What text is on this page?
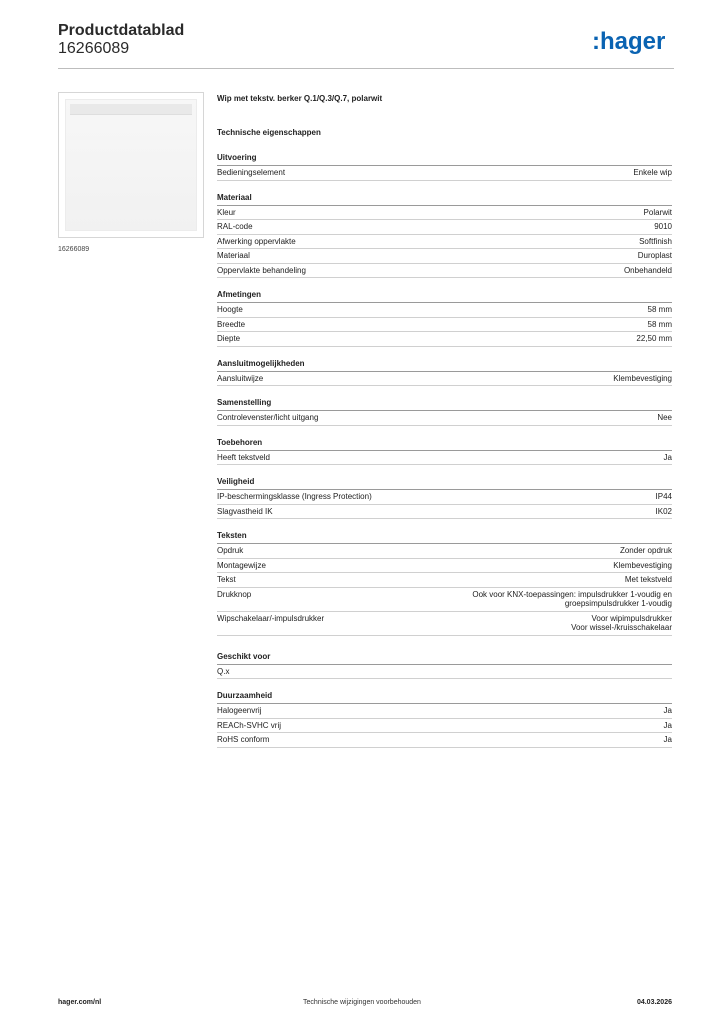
Productdatablad
16266089	:hager
16266089
Wip met tekstv. berker Q.1/Q.3/Q.7, polarwit
Technische eigenschappen
Uitvoering
Bedieningselement	Enkele wip
Materiaal
Kleur	Polarwit
RAL-code	9010
Afwerking oppervlakte	Softfinish
Materiaal	Duroplast
Oppervlakte behandeling	Onbehandeld
Afmetingen
Hoogte	58 mm
Breedte	58 mm
Diepte	22,50 mm
Aansluitmogelijkheden
Aansluitwijze	Klembevestiging
Samenstelling
Controlevenster/licht uitgang	Nee
Toebehoren
Heeft tekstveld	Ja
Veiligheid
IP-beschermingsklasse (Ingress Protection)	IP44
Slagvastheid IK	IK02
Teksten
Opdruk	Zonder opdruk
Montagewijze	Klembevestiging
Tekst	Met tekstveld
Drukknop	Ook voor KNX-toepassingen: impulsdrukker 1-voudig en
groepsimpulsdrukker 1-voudig
Wipschakelaar/-impulsdrukker	Voor wipimpulsdrukker
Voor wissel-/kruisschakelaar
Geschikt voor
Q.x
Duurzaamheid
Halogeenvrij	Ja
REACh-SVHC vrij	Ja
RoHS conform	Ja
hager.com/nl	Technische wijzigingen voorbehouden	04.03.2026
